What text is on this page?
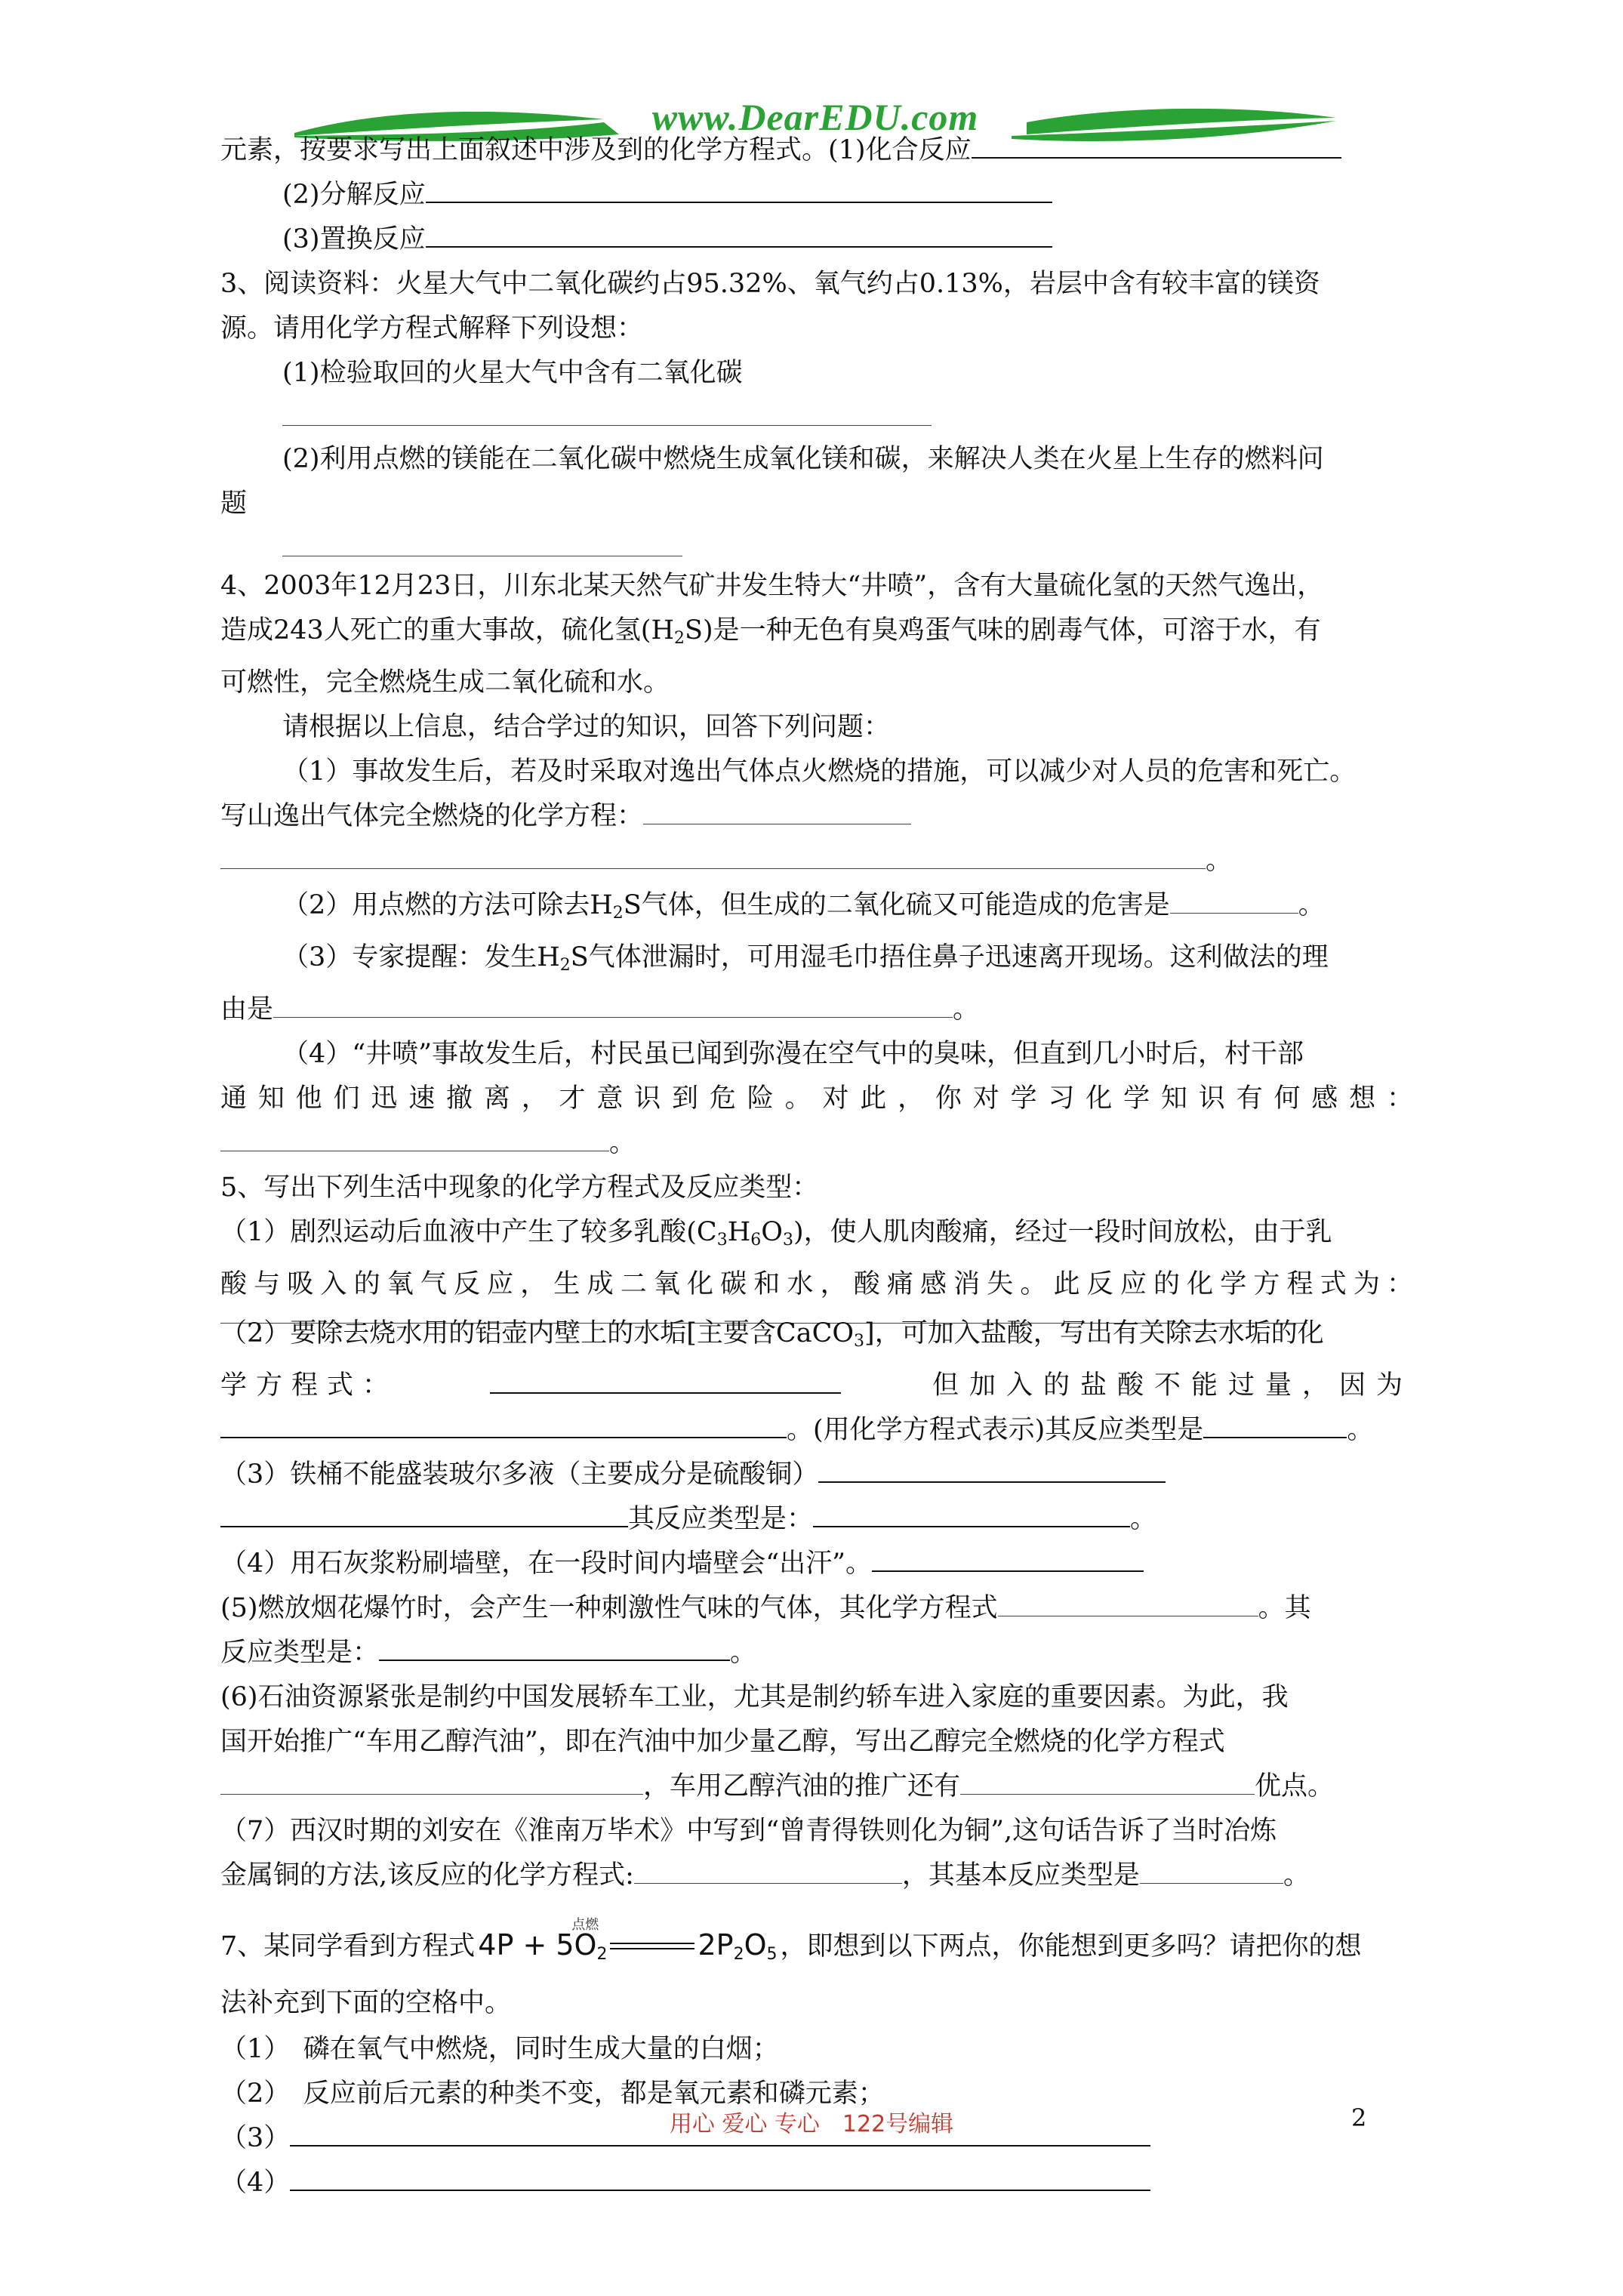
www.DearEDU.com
元素，按要求写出上面叙述中涉及到的化学方程式。(1)化合反应
(2)分解反应
(3)置换反应
3、阅读资料：火星大气中二氧化碳约占95.32%、氧气约占0.13%，岩层中含有较丰富的镁资
源。请用化学方程式解释下列设想：
(1)检验取回的火星大气中含有二氧化碳
(2)利用点燃的镁能在二氧化碳中燃烧生成氧化镁和碳，来解决人类在火星上生存的燃料问
题
4、2003年12月23日，川东北某天然气矿井发生特大“井喷”，含有大量硫化氢的天然气逸出，
造成243人死亡的重大事故，硫化氢$(H_2S)$是一种无色有臭鸡蛋气味的剧毒气体，可溶于水，有
可燃性，完全燃烧生成二氧化硫和水。
请根据以上信息，结合学过的知识，回答下列问题：
（1）事故发生后，若及时采取对逸出气体点火燃烧的措施，可以减少对人员的危害和死亡。
写山逸出气体完全燃烧的化学方程：
。
（2）用点燃的方法可除去$H_2S$气体，但生成的二氧化硫又可能造成的危害是	。
（3）专家提醒：发生$H_2S$气体泄漏时，可用湿毛巾捂住鼻子迅速离开现场。这利做法的理
由是	。
（4）“井喷”事故发生后，村民虽已闻到弥漫在空气中的臭味，但直到几小时后，村干部
通知他们迅速撤离，才意识到危险。对此，你对学习化学知识有何感想：
。
5、写出下列生活中现象的化学方程式及反应类型：
（1）剧烈运动后血液中产生了较多乳酸$(C_3H_6O_3)$，使人肌肉酸痛，经过一段时间放松，由于乳
酸与吸入的氧气反应，生成二氧化碳和水，酸痛感消失。此反应的化学方程式为：
（2）要除去烧水用的铝壶内壁上的水垢[主要含CaCO$_3$]，可加入盐酸，写出有关除去水垢的化
学方程式：	但加入的盐酸不能过量，因为
。(用化学方程式表示)其反应类型是	。
（3）铁桶不能盛装玻尔多液（主要成分是硫酸铜）
其反应类型是：	。
（4）用石灰浆粉刷墙壁，在一段时间内墙壁会“出汗”。
(5)燃放烟花爆竹时，会产生一种刺激性气味的气体，其化学方程式	。其
反应类型是：	。
(6)石油资源紧张是制约中国发展轿车工业，尤其是制约轿车进入家庭的重要因素。为此，我
国开始推广“车用乙醇汽油”，即在汽油中加少量乙醇，写出乙醇完全燃烧的化学方程式
，车用乙醇汽油的推广还有	优点。
（7）西汉时期的刘安在《淮南万毕术》中写到“曾青得铁则化为铜”,这句话告诉了当时冶炼
金属铜的方法,该反应的化学方程式:	，其基本反应类型是	。
7、某同学看到方程式 $4P + 5O_2$	$2P_2O_5$
点燃
，即想到以下两点，你能想到更多吗？请把你的想
法补充到下面的空格中。
（1）　磷在氧气中燃烧，同时生成大量的白烟；
（2）　反应前后元素的种类不变，都是氧元素和磷元素；
（3）
（4）
用心 爱心 专心　122号编辑	2
